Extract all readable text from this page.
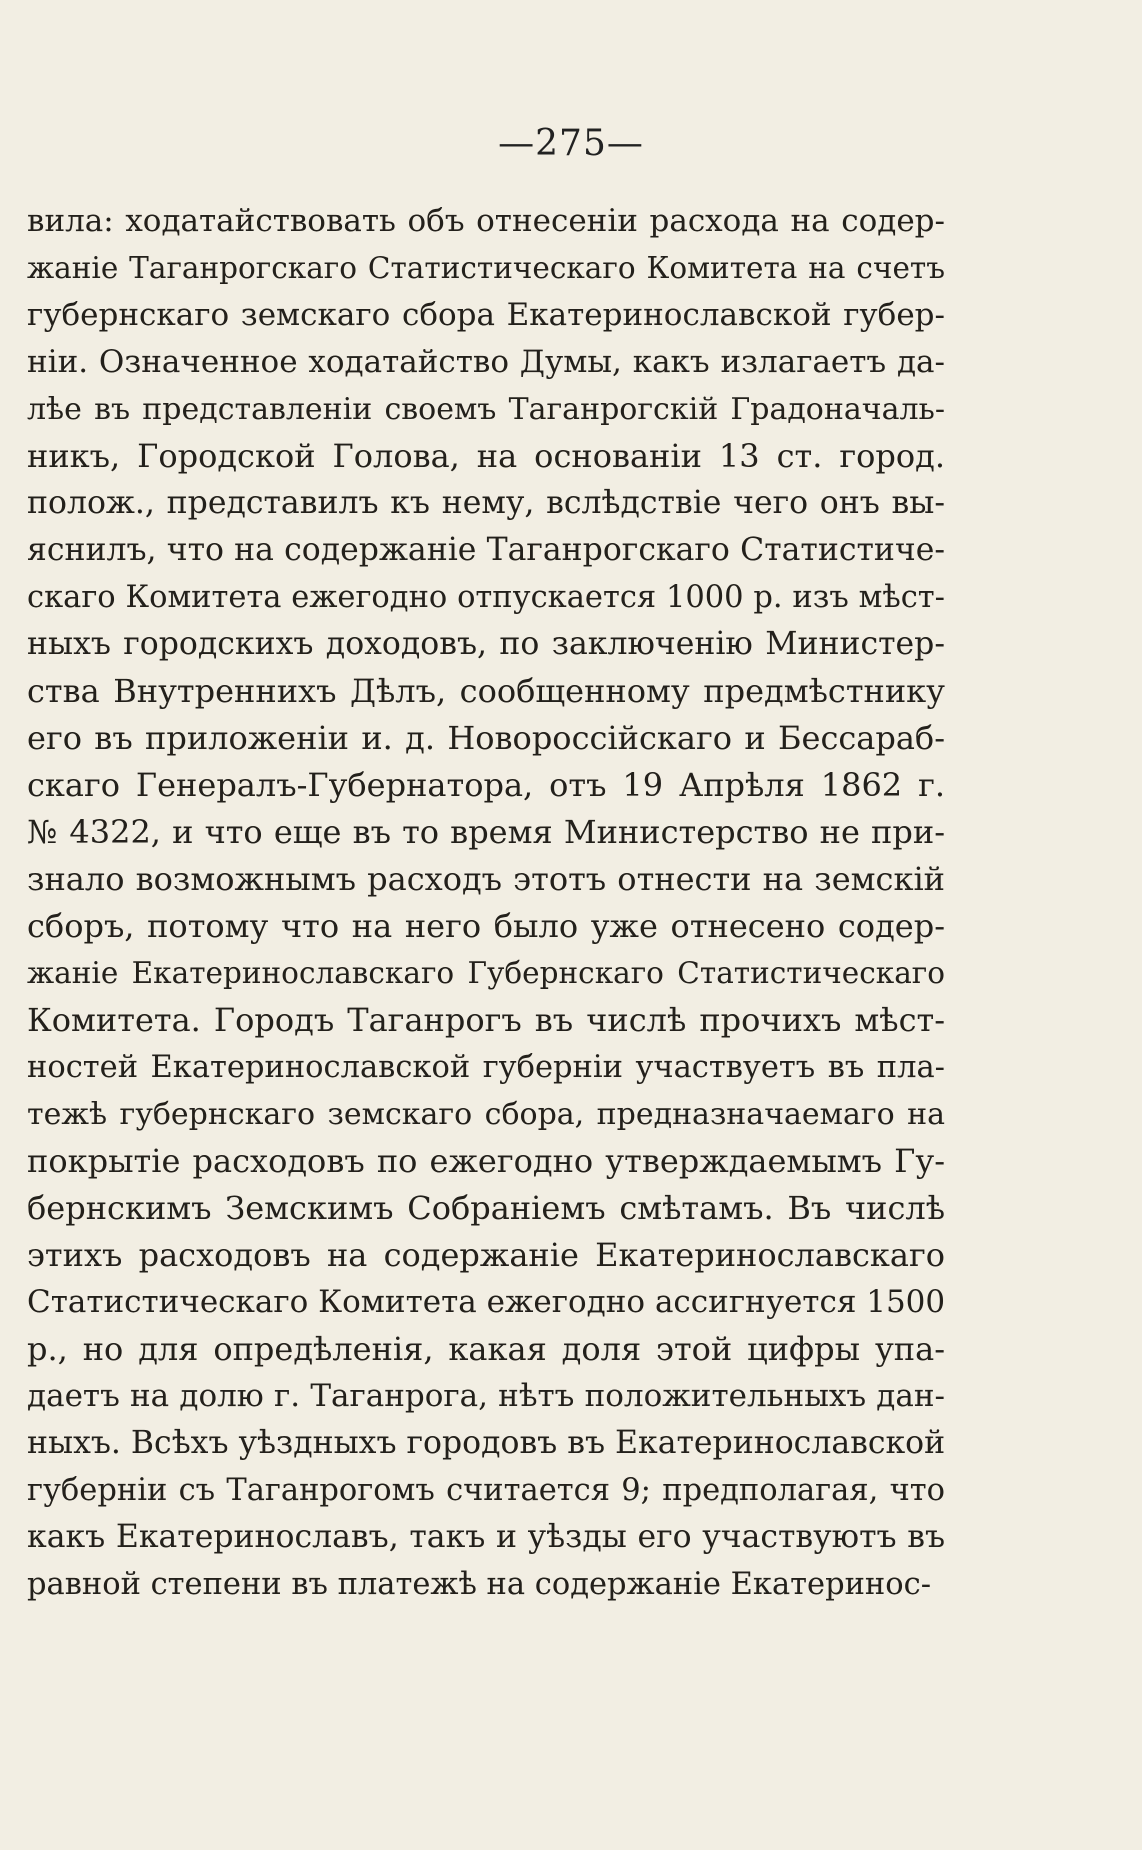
—275—
вила: ходатайствовать объ отнесеніи расхода на содер-
жаніе Таганрогскаго Статистическаго Комитета на счетъ
губернскаго земскаго сбора Екатеринославской губер-
ніи. Означенное ходатайство Думы, какъ излагаетъ да-
лѣе въ представленіи своемъ Таганрогскій Градоначаль-
никъ, Городской Голова, на основаніи 13 ст. город.
полож., представилъ къ нему, вслѣдствіе чего онъ вы-
яснилъ, что на содержаніе Таганрогскаго Статистиче-
скаго Комитета ежегодно отпускается 1000 р. изъ мѣст-
ныхъ городскихъ доходовъ, по заключенію Министер-
ства Внутреннихъ Дѣлъ, сообщенному предмѣстнику
его въ приложеніи и. д. Новороссійскаго и Бессараб-
скаго Генералъ-Губернатора, отъ 19 Апрѣля 1862 г.
№ 4322, и что еще въ то время Министерство не при-
знало возможнымъ расходъ этотъ отнести на земскій
сборъ, потому что на него было уже отнесено содер-
жаніе Екатеринославскаго Губернскаго Статистическаго
Комитета. Городъ Таганрогъ въ числѣ прочихъ мѣст-
ностей Екатеринославской губерніи участвуетъ въ пла-
тежѣ губернскаго земскаго сбора, предназначаемаго на
покрытіе расходовъ по ежегодно утверждаемымъ Гу-
бернскимъ Земскимъ Собраніемъ смѣтамъ. Въ числѣ
этихъ расходовъ на содержаніе Екатеринославскаго
Статистическаго Комитета ежегодно ассигнуется 1500
р., но для опредѣленія, какая доля этой цифры упа-
даетъ на долю г. Таганрога, нѣтъ положительныхъ дан-
ныхъ. Всѣхъ уѣздныхъ городовъ въ Екатеринославской
губерніи съ Таганрогомъ считается 9; предполагая, что
какъ Екатеринославъ, такъ и уѣзды его участвуютъ въ
равной степени въ платежѣ на содержаніе Екатеринос-
